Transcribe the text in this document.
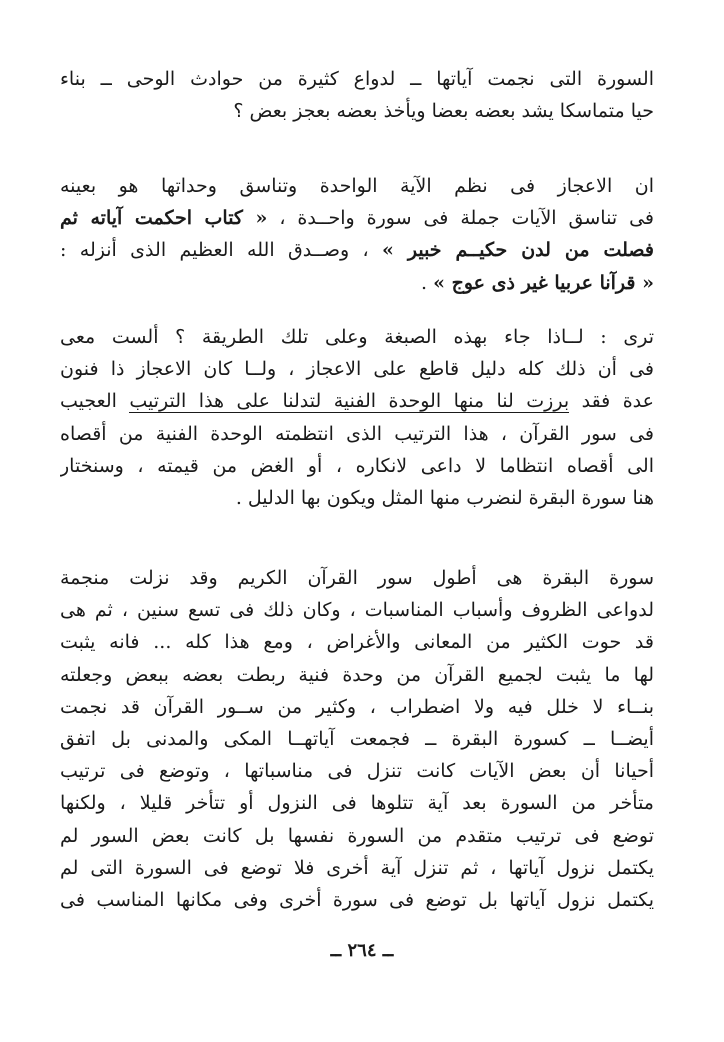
السورة التى نجمت آياتها ــ لدواع كثيرة من حوادث الوحى ــ بناء
حيا متماسكا يشد بعضه بعضا ويأخذ بعضه بعجز بعض ؟
ان الاعجاز فى نظم الآية الواحدة وتناسق وحداتها هو بعينه
فى تناسق الآيات جملة فى سورة واحــدة ، « كتاب احكمت آياته ثم
فصلت من لدن حكيــم خبير » ، وصــدق الله العظيم الذى أنزله :
« قرآنا عربيا غير ذى عوج » .
ترى : لــاذا جاء بهذه الصبغة وعلى تلك الطريقة ؟ ألست معى
فى أن ذلك كله دليل قاطع على الاعجاز ، ولــا كان الاعجاز ذا فنون
عدة فقد برزت لنا منها الوحدة الفنية لتدلنا على هذا الترتيب العجيب
فى سور القرآن ، هذا الترتيب الذى انتظمته الوحدة الفنية من أقصاه
الى أقصاه انتظاما لا داعى لانكاره ، أو الغض من قيمته ، وسنختار
هنا سورة البقرة لنضرب منها المثل ويكون بها الدليل .
سورة البقرة هى أطول سور القرآن الكريم وقد نزلت منجمة
لدواعى الظروف وأسباب المناسبات ، وكان ذلك فى تسع سنين ، ثم هى
قد حوت الكثير من المعانى والأغراض ، ومع هذا كله ... فانه يثبت
لها ما يثبت لجميع القرآن من وحدة فنية ربطت بعضه ببعض وجعلته
بنــاء لا خلل فيه ولا اضطراب ، وكثير من ســور القرآن قد نجمت
أيضــا ــ كسورة البقرة ــ فجمعت آياتهــا المكى والمدنى بل اتفق
أحيانا أن بعض الآيات كانت تنزل فى مناسباتها ، وتوضع فى ترتيب
متأخر من السورة بعد آية تتلوها فى النزول أو تتأخر قليلا ، ولكنها
توضع فى ترتيب متقدم من السورة نفسها بل كانت بعض السور لم
يكتمل نزول آياتها ، ثم تنزل آية أخرى فلا توضع فى السورة التى لم
يكتمل نزول آياتها بل توضع فى سورة أخرى وفى مكانها المناسب فى
ــ ٢٦٤ ــ
